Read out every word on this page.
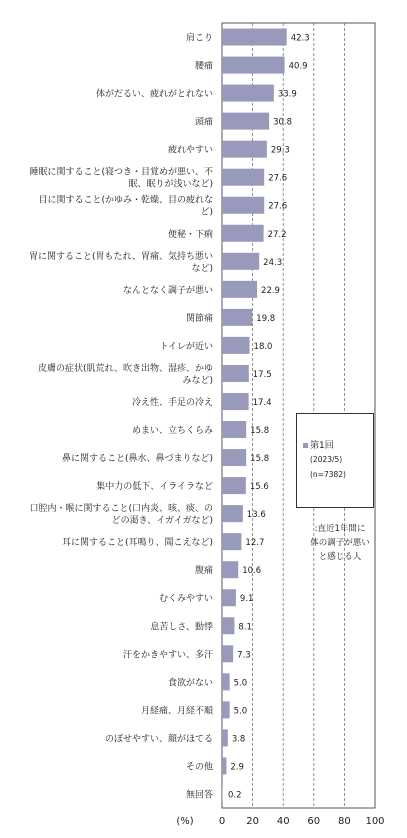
0 20 40 60 80 100
(%)
42.3
肩こり
40.9
腰痛
33.9
体がだるい、疲れがとれない
30.8
頭痛
29.3
疲れやすい
27.6
睡眠に関すること(寝つき・目覚めが悪い、不
眠、眠りが浅いなど)
27.6
目に関すること(かゆみ・乾燥、目の疲れな
ど)
27.2
便秘・下痢
24.3
胃に関すること(胃もたれ、胃痛、気持ち悪い
など)
22.9
なんとなく調子が悪い
19.8
関節痛
18.0
トイレが近い
17.5
皮膚の症状(肌荒れ、吹き出物、湿疹、かゆ
みなど)
17.4
冷え性、手足の冷え
15.8
めまい、立ちくらみ
15.8
鼻に関すること(鼻水、鼻づまりなど)
15.6
集中力の低下、イライラなど
13.6
口腔内・喉に関すること(口内炎、咳、痰、の
どの渇き、イガイガなど)
12.7
耳に関すること(耳鳴り、聞こえなど)
10.6
腹痛
9.1
むくみやすい
8.1
息苦しさ、動悸
7.3
汗をかきやすい、多汗
5.0
食欲がない
5.0
月経痛、月経不順
3.8
のぼせやすい、顔がほてる
2.9
その他
0.2
無回答
第1回
(2023/5)
(n=7382)
:直近1年間に
体の調子が悪い
と感じる人
